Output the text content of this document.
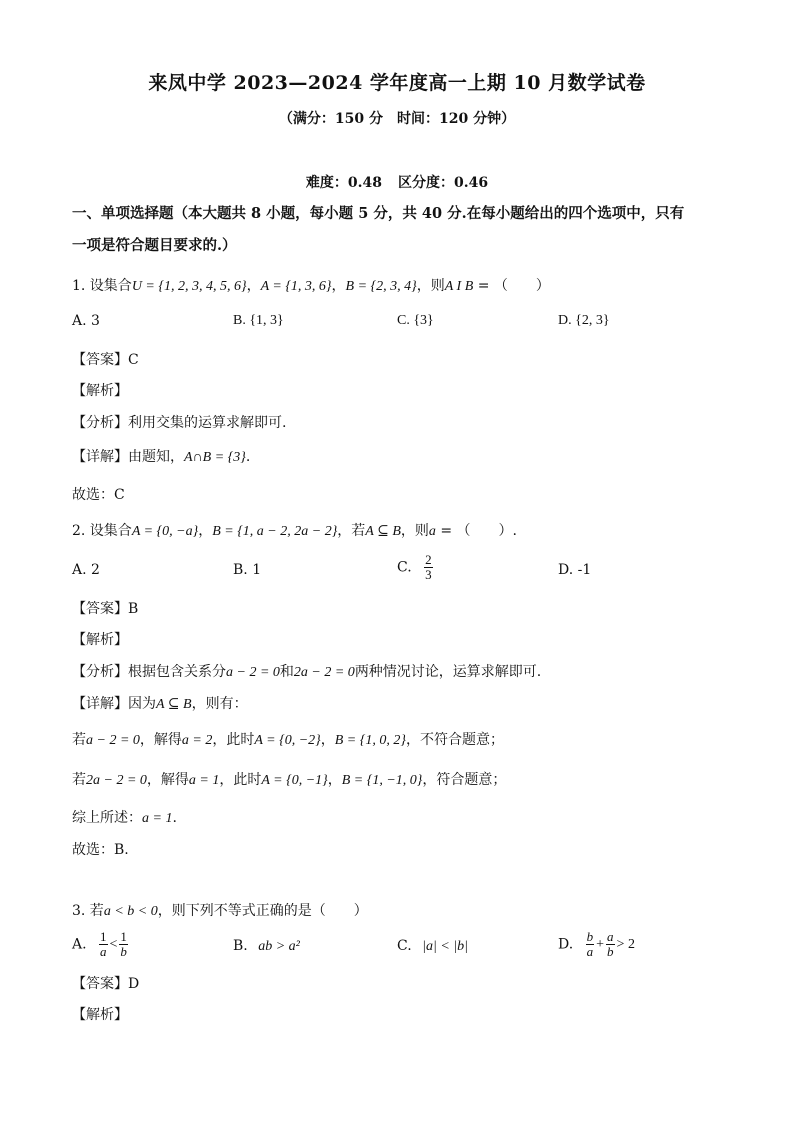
来凤中学 2023—2024 学年度高一上期 10 月数学试卷
（满分：150 分　时间：120 分钟）
难度：0.48 区分度：0.46
一、单项选择题（本大题共 8 小题，每小题 5 分，共 40 分.在每小题给出的四个选项中，只有
一项是符合题目要求的.）
1. 设集合U = {1, 2, 3, 4, 5, 6}，A = {1, 3, 6}，B = {2, 3, 4}，则A I B = （　　）
A. 3	B. {1, 3}	C. {3}	D. {2, 3}
【答案】C
【解析】
【分析】利用交集的运算求解即可.
【详解】由题知，A∩B = {3}.
故选：C
2. 设集合A = {0, −a}，B = {1, a − 2, 2a − 2}，若A ⊆ B，则a = （　　）.
A. 2	B. 1	C. $\frac{2}{3}$	D. -1
【答案】B
【解析】
【分析】根据包含关系分a − 2 = 0和2a − 2 = 0两种情况讨论，运算求解即可.
【详解】因为A ⊆ B，则有：
若a − 2 = 0，解得a = 2，此时A = {0, −2}，B = {1, 0, 2}，不符合题意；
若2a − 2 = 0，解得a = 1，此时A = {0, −1}，B = {1, −1, 0}，符合题意；
综上所述：a = 1.
故选：B.
3. 若a < b < 0，则下列不等式正确的是（　　）
A. $\frac{1}{a} < \frac{1}{b}$	B. ab > a²	C. |a| < |b|	D. $\frac{b}{a} + \frac{a}{b} > 2$
【答案】D
【解析】
